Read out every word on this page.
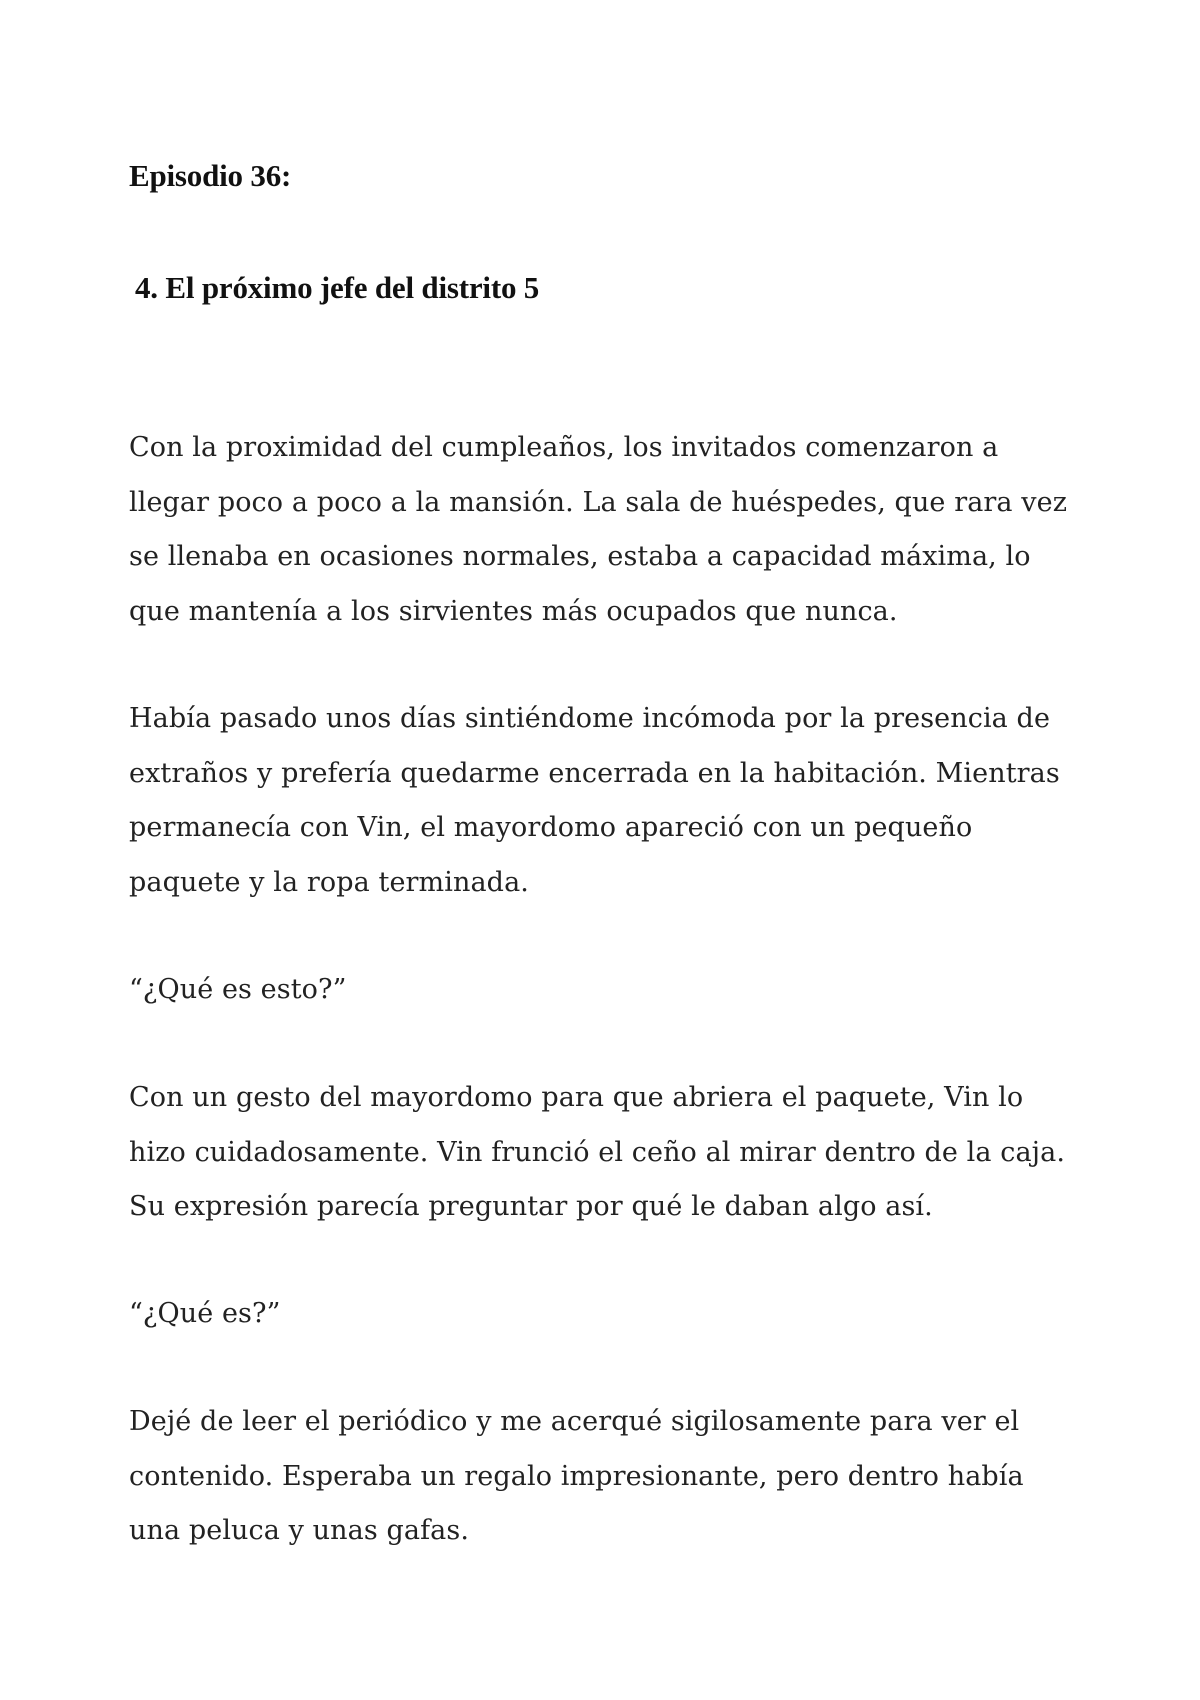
Episodio 36:
4. El próximo jefe del distrito 5

Con la proximidad del cumpleaños, los invitados comenzaron a
llegar poco a poco a la mansión. La sala de huéspedes, que rara vez
se llenaba en ocasiones normales, estaba a capacidad máxima, lo
que mantenía a los sirvientes más ocupados que nunca.

Había pasado unos días sintiéndome incómoda por la presencia de
extraños y prefería quedarme encerrada en la habitación. Mientras
permanecía con Vin, el mayordomo apareció con un pequeño
paquete y la ropa terminada.

“¿Qué es esto?”

Con un gesto del mayordomo para que abriera el paquete, Vin lo
hizo cuidadosamente. Vin frunció el ceño al mirar dentro de la caja.
Su expresión parecía preguntar por qué le daban algo así.

“¿Qué es?”

Dejé de leer el periódico y me acerqué sigilosamente para ver el
contenido. Esperaba un regalo impresionante, pero dentro había
una peluca y unas gafas.
